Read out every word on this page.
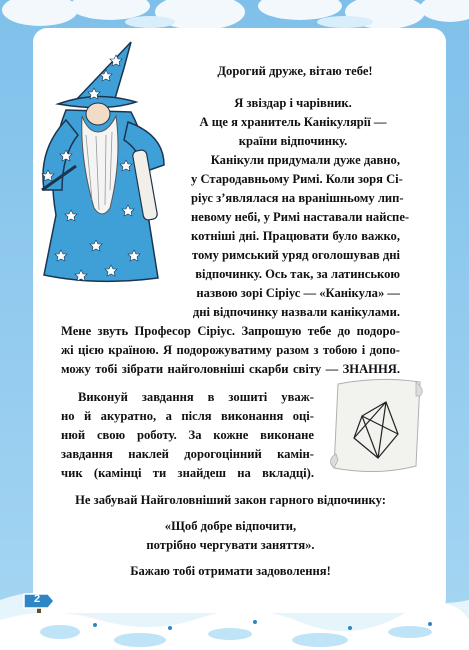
2
Дорогий друже, вітаю тебе!
Я звіздар і чарівник.
А ще я хранитель Канікулярії —
країни відпочинку.
Канікули придумали дуже давно,
у Стародавньому Римі. Коли зоря Сі-
ріус з’являлася на вранішньому лип-
невому небі, у Римі наставали найспе-
котніші дні. Працювати було важко,
тому римський уряд оголошував дні
відпочинку. Ось так, за латинською
назвою зорі Сіріус — «Канікула» —
дні відпочинку назвали канікулами.
Мене звуть Професор Сіріус. Запрошую тебе до подоро-
жі цією країною. Я подорожуватиму разом з тобою і допо-
можу тобі зібрати найголовніші скарби світу — ЗНАННЯ.
Виконуй завдання в зошиті уваж-
но й акуратно, а після виконання оці-
нюй свою роботу. За кожне виконане
завдання наклей дорогоцінний камін-
чик (камінці ти знайдеш на вкладці).
Не забувай Найголовніший закон гарного відпочинку:
«Щоб добре відпочити,
потрібно чергувати заняття».
Бажаю тобі отримати задоволення!
